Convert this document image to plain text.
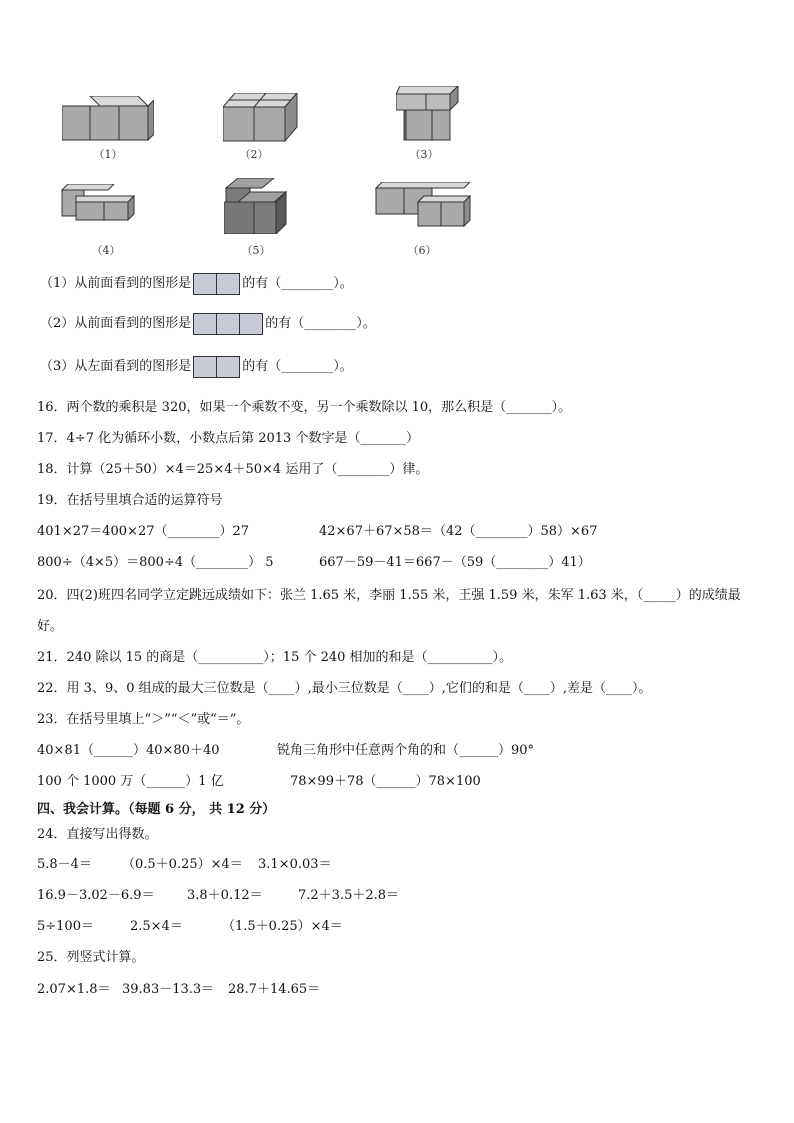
（1）	（2）	（3）
（4）	（5）	（6）
（1）从前面看到的图形是	的有（________）。
（2）从前面看到的图形是	的有（________）。
（3）从左面看到的图形是	的有（________）。
16．两个数的乘积是 320，如果一个乘数不变，另一个乘数除以 10，那么积是（_______）。
17．4÷7 化为循环小数，小数点后第 2013 个数字是（_______）
18．计算（25＋50）×4＝25×4＋50×4 运用了（________）律。
19．在括号里填合适的运算符号
401×27＝400×27（________）27	42×67＋67×58＝（42（________）58）×67
800÷（4×5）＝800÷4（________） 5	667－59－41＝667－（59（________）41）
20．四(2)班四名同学立定跳远成绩如下：张兰 1.65 米，李丽 1.55 米，王强 1.59 米，朱军 1.63 米，（_____）的成绩最
好。
21．240 除以 15 的商是（__________）；15 个 240 相加的和是（__________）。
22．用 3、9、0 组成的最大三位数是（____）,最小三位数是（____）,它们的和是（____）,差是（____）。
23．在括号里填上“＞”“＜”或“＝”。
40×81（______）40×80＋40	锐角三角形中任意两个角的和（______）90°
100 个 1000 万（______）1 亿	78×99＋78（______）78×100
四、我会计算。（每题 6 分， 共 12 分）
24．直接写出得数。
5.8－4＝ （0.5＋0.25）×4＝ 3.1×0.03＝
16.9－3.02－6.9＝ 3.8＋0.12＝	7.2＋3.5＋2.8＝
5÷100＝	2.5×4＝	（1.5＋0.25）×4＝
25．列竖式计算。
2.07×1.8＝ 39.83－13.3＝ 28.7＋14.65＝
